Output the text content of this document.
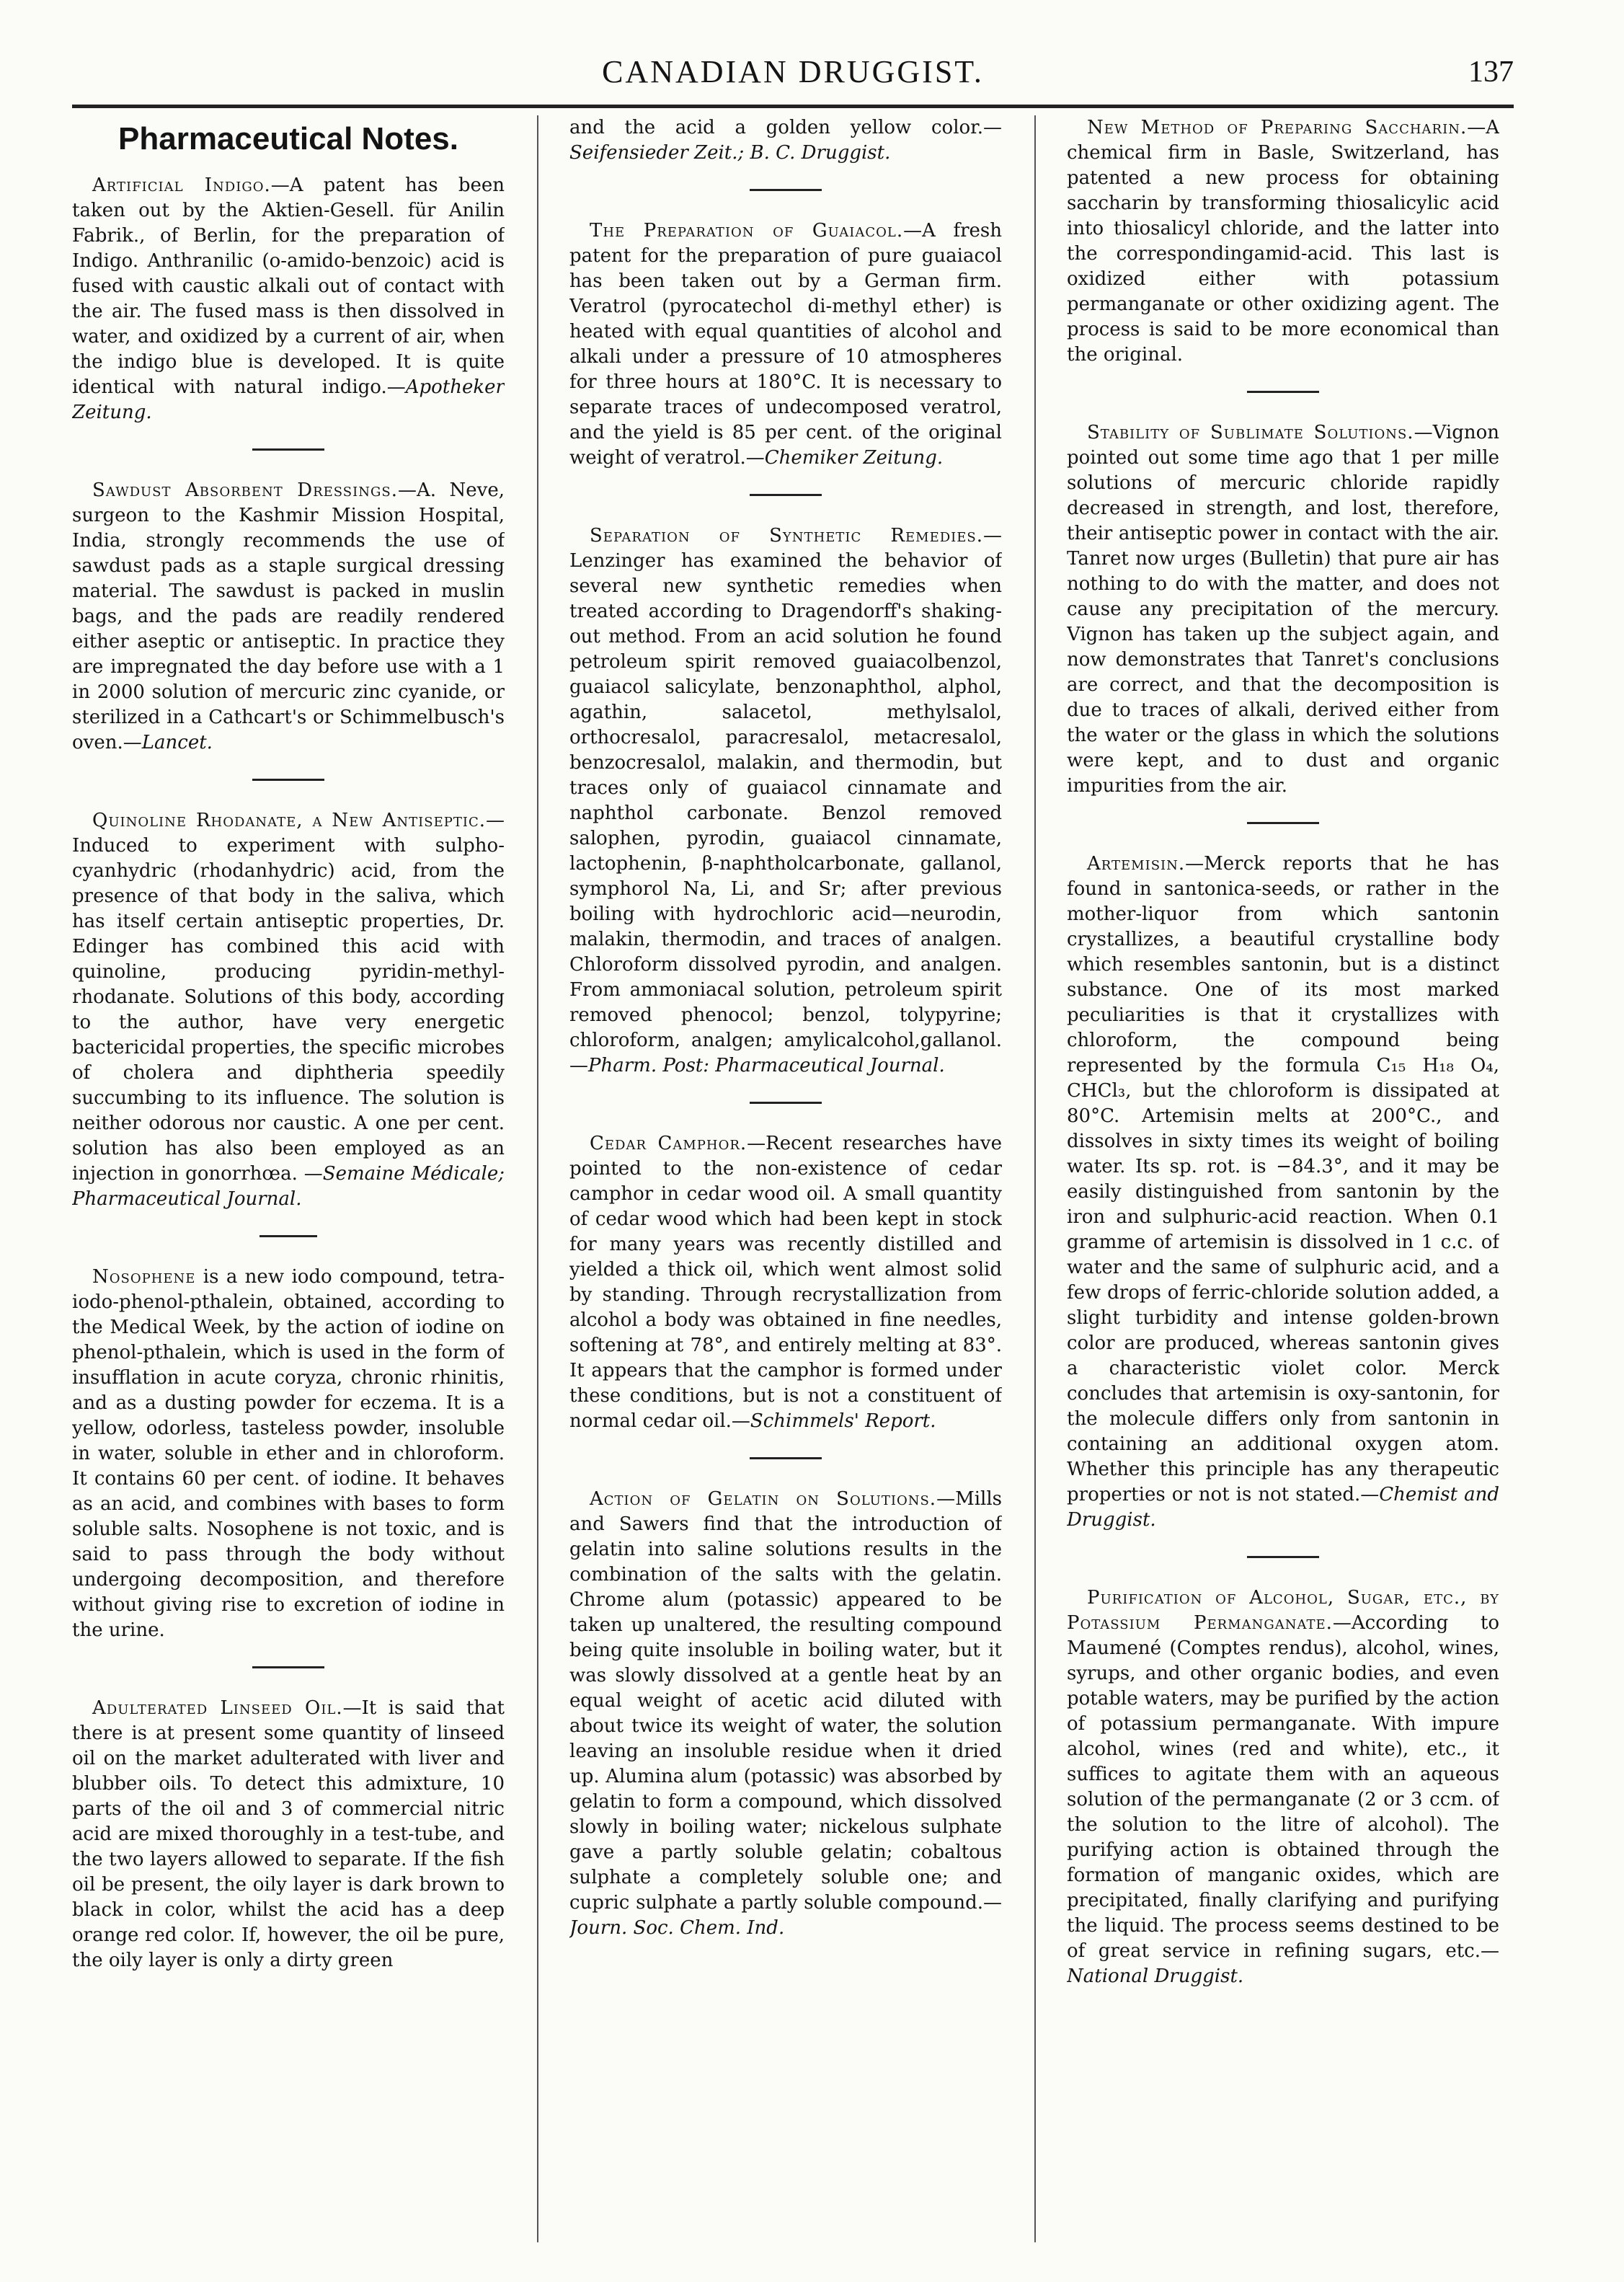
CANADIAN DRUGGIST.	137
Pharmaceutical Notes.

Artificial Indigo.—A patent has been taken out by the Aktien-Gesell. für Anilin Fabrik., of Berlin, for the preparation of Indigo. Anthranilic (o-amido-benzoic) acid is fused with caustic alkali out of contact with the air. The fused mass is then dissolved in water, and oxidized by a current of air, when the indigo blue is developed. It is quite identical with natural indigo.—Apotheker Zeitung.

Sawdust Absorbent Dressings.—A. Neve, surgeon to the Kashmir Mission Hospital, India, strongly recommends the use of sawdust pads as a staple surgical dressing material. The sawdust is packed in muslin bags, and the pads are readily rendered either aseptic or antiseptic. In practice they are impregnated the day before use with a 1 in 2000 solution of mercuric zinc cyanide, or sterilized in a Cathcart's or Schimmelbusch's oven.—Lancet.

Quinoline Rhodanate, a New Antiseptic.—Induced to experiment with sulpho-cyanhydric (rhodanhydric) acid, from the presence of that body in the saliva, which has itself certain antiseptic properties, Dr. Edinger has combined this acid with quinoline, producing pyridin-methyl-rhodanate. Solutions of this body, according to the author, have very energetic bactericidal properties, the specific microbes of cholera and diphtheria speedily succumbing to its influence. The solution is neither odorous nor caustic. A one per cent. solution has also been employed as an injection in gonorrhœa. —Semaine Médicale; Pharmaceutical Journal.

Nosophene is a new iodo compound, tetra-iodo-phenol-pthalein, obtained, according to the Medical Week, by the action of iodine on phenol-pthalein, which is used in the form of insufflation in acute coryza, chronic rhinitis, and as a dusting powder for eczema. It is a yellow, odorless, tasteless powder, insoluble in water, soluble in ether and in chloroform. It contains 60 per cent. of iodine. It behaves as an acid, and combines with bases to form soluble salts. Nosophene is not toxic, and is said to pass through the body without undergoing decomposition, and therefore without giving rise to excretion of iodine in the urine.

Adulterated Linseed Oil.—It is said that there is at present some quantity of linseed oil on the market adulterated with liver and blubber oils. To detect this admixture, 10 parts of the oil and 3 of commercial nitric acid are mixed thoroughly in a test-tube, and the two layers allowed to separate. If the fish oil be present, the oily layer is dark brown to black in color, whilst the acid has a deep orange red color. If, however, the oil be pure, the oily layer is only a dirty green

and the acid a golden yellow color.—Seifensieder Zeit.; B. C. Druggist.

The Preparation of Guaiacol.—A fresh patent for the preparation of pure guaiacol has been taken out by a German firm. Veratrol (pyrocatechol di-methyl ether) is heated with equal quantities of alcohol and alkali under a pressure of 10 atmospheres for three hours at 180°C. It is necessary to separate traces of undecomposed veratrol, and the yield is 85 per cent. of the original weight of veratrol.—Chemiker Zeitung.

Separation of Synthetic Remedies.—Lenzinger has examined the behavior of several new synthetic remedies when treated according to Dragendorff's shaking-out method. From an acid solution he found petroleum spirit removed guaiacolbenzol, guaiacol salicylate, benzonaphthol, alphol, agathin, salacetol, methylsalol, orthocresalol, paracresalol, metacresalol, benzocresalol, malakin, and thermodin, but traces only of guaiacol cinnamate and naphthol carbonate. Benzol removed salophen, pyrodin, guaiacol cinnamate, lactophenin, β-naphtholcarbonate, gallanol, symphorol Na, Li, and Sr; after previous boiling with hydrochloric acid—neurodin, malakin, thermodin, and traces of analgen. Chloroform dissolved pyrodin, and analgen. From ammoniacal solution, petroleum spirit removed phenocol; benzol, tolypyrine; chloroform, analgen; amylicalcohol,gallanol.—Pharm. Post: Pharmaceutical Journal.

Cedar Camphor.—Recent researches have pointed to the non-existence of cedar camphor in cedar wood oil. A small quantity of cedar wood which had been kept in stock for many years was recently distilled and yielded a thick oil, which went almost solid by standing. Through recrystallization from alcohol a body was obtained in fine needles, softening at 78°, and entirely melting at 83°. It appears that the camphor is formed under these conditions, but is not a constituent of normal cedar oil.—Schimmels' Report.

Action of Gelatin on Solutions.—Mills and Sawers find that the introduction of gelatin into saline solutions results in the combination of the salts with the gelatin. Chrome alum (potassic) appeared to be taken up unaltered, the resulting compound being quite insoluble in boiling water, but it was slowly dissolved at a gentle heat by an equal weight of acetic acid diluted with about twice its weight of water, the solution leaving an insoluble residue when it dried up. Alumina alum (potassic) was absorbed by gelatin to form a compound, which dissolved slowly in boiling water; nickelous sulphate gave a partly soluble gelatin; cobaltous sulphate a completely soluble one; and cupric sulphate a partly soluble compound.—Journ. Soc. Chem. Ind.

New Method of Preparing Saccharin.—A chemical firm in Basle, Switzerland, has patented a new process for obtaining saccharin by transforming thiosalicylic acid into thiosalicyl chloride, and the latter into the correspondingamid-acid. This last is oxidized either with potassium permanganate or other oxidizing agent. The process is said to be more economical than the original.

Stability of Sublimate Solutions.—Vignon pointed out some time ago that 1 per mille solutions of mercuric chloride rapidly decreased in strength, and lost, therefore, their antiseptic power in contact with the air. Tanret now urges (Bulletin) that pure air has nothing to do with the matter, and does not cause any precipitation of the mercury. Vignon has taken up the subject again, and now demonstrates that Tanret's conclusions are correct, and that the decomposition is due to traces of alkali, derived either from the water or the glass in which the solutions were kept, and to dust and organic impurities from the air.

Artemisin.—Merck reports that he has found in santonica-seeds, or rather in the mother-liquor from which santonin crystallizes, a beautiful crystalline body which resembles santonin, but is a distinct substance. One of its most marked peculiarities is that it crystallizes with chloroform, the compound being represented by the formula C₁₅ H₁₈ O₄, CHCl₃, but the chloroform is dissipated at 80°C. Artemisin melts at 200°C., and dissolves in sixty times its weight of boiling water. Its sp. rot. is −84.3°, and it may be easily distinguished from santonin by the iron and sulphuric-acid reaction. When 0.1 gramme of artemisin is dissolved in 1 c.c. of water and the same of sulphuric acid, and a few drops of ferric-chloride solution added, a slight turbidity and intense golden-brown color are produced, whereas santonin gives a characteristic violet color. Merck concludes that artemisin is oxy-santonin, for the molecule differs only from santonin in containing an additional oxygen atom. Whether this principle has any therapeutic properties or not is not stated.—Chemist and Druggist.

Purification of Alcohol, Sugar, etc., by Potassium Permanganate.—According to Maumené (Comptes rendus), alcohol, wines, syrups, and other organic bodies, and even potable waters, may be purified by the action of potassium permanganate. With impure alcohol, wines (red and white), etc., it suffices to agitate them with an aqueous solution of the permanganate (2 or 3 ccm. of the solution to the litre of alcohol). The purifying action is obtained through the formation of manganic oxides, which are precipitated, finally clarifying and purifying the liquid. The process seems destined to be of great service in refining sugars, etc.—National Druggist.
